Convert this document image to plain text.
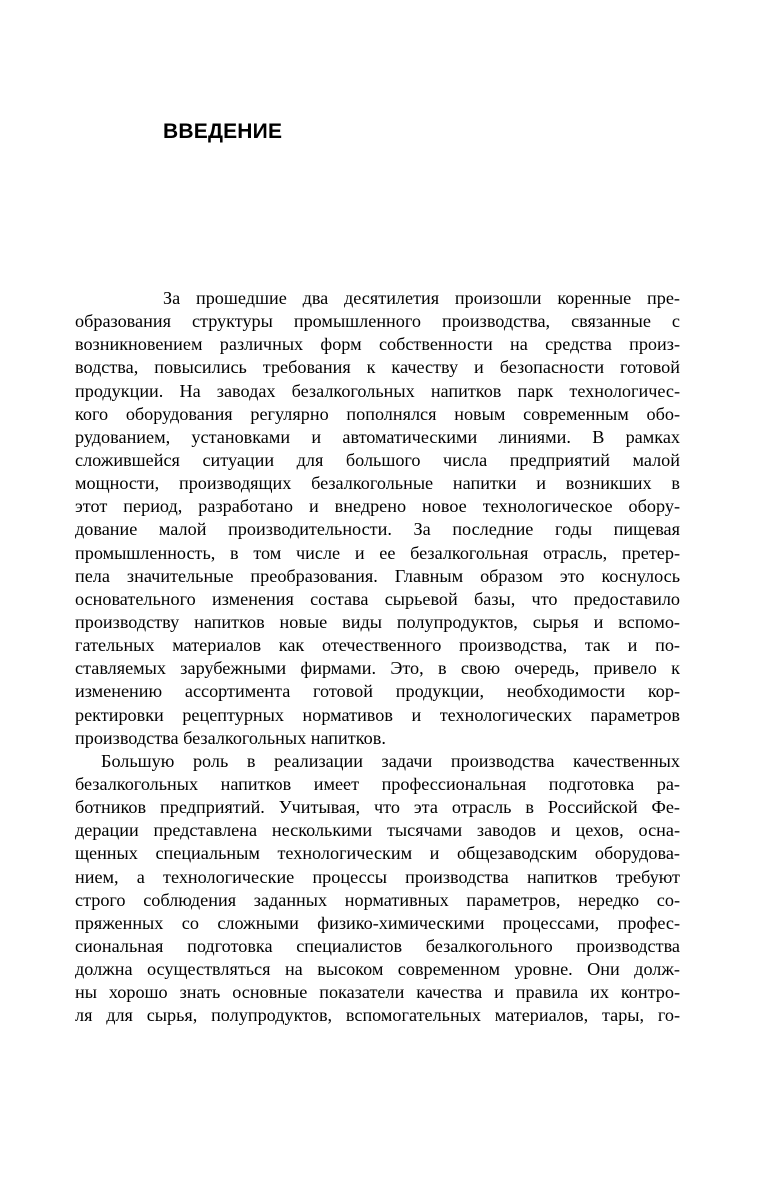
ВВЕДЕНИЕ
За прошедшие два десятилетия произошли коренные пре-
образования структуры промышленного производства, связанные с
возникновением различных форм собственности на средства произ-
водства, повысились требования к качеству и безопасности готовой
продукции. На заводах безалкогольных напитков парк технологичес-
кого оборудования регулярно пополнялся новым современным обо-
рудованием, установками и автоматическими линиями. В рамках
сложившейся ситуации для большого числа предприятий малой
мощности, производящих безалкогольные напитки и возникших в
этот период, разработано и внедрено новое технологическое обору-
дование малой производительности. За последние годы пищевая
промышленность, в том числе и ее безалкогольная отрасль, претер-
пела значительные преобразования. Главным образом это коснулось
основательного изменения состава сырьевой базы, что предоставило
производству напитков новые виды полупродуктов, сырья и вспомо-
гательных материалов как отечественного производства, так и по-
ставляемых зарубежными фирмами. Это, в свою очередь, привело к
изменению ассортимента готовой продукции, необходимости кор-
ректировки рецептурных нормативов и технологических параметров
производства безалкогольных напитков.
Большую роль в реализации задачи производства качественных
безалкогольных напитков имеет профессиональная подготовка ра-
ботников предприятий. Учитывая, что эта отрасль в Российской Фе-
дерации представлена несколькими тысячами заводов и цехов, осна-
щенных специальным технологическим и общезаводским оборудова-
нием, а технологические процессы производства напитков требуют
строго соблюдения заданных нормативных параметров, нередко со-
пряженных со сложными физико-химическими процессами, профес-
сиональная подготовка специалистов безалкогольного производства
должна осуществляться на высоком современном уровне. Они долж-
ны хорошо знать основные показатели качества и правила их контро-
ля для сырья, полупродуктов, вспомогательных материалов, тары, го-
